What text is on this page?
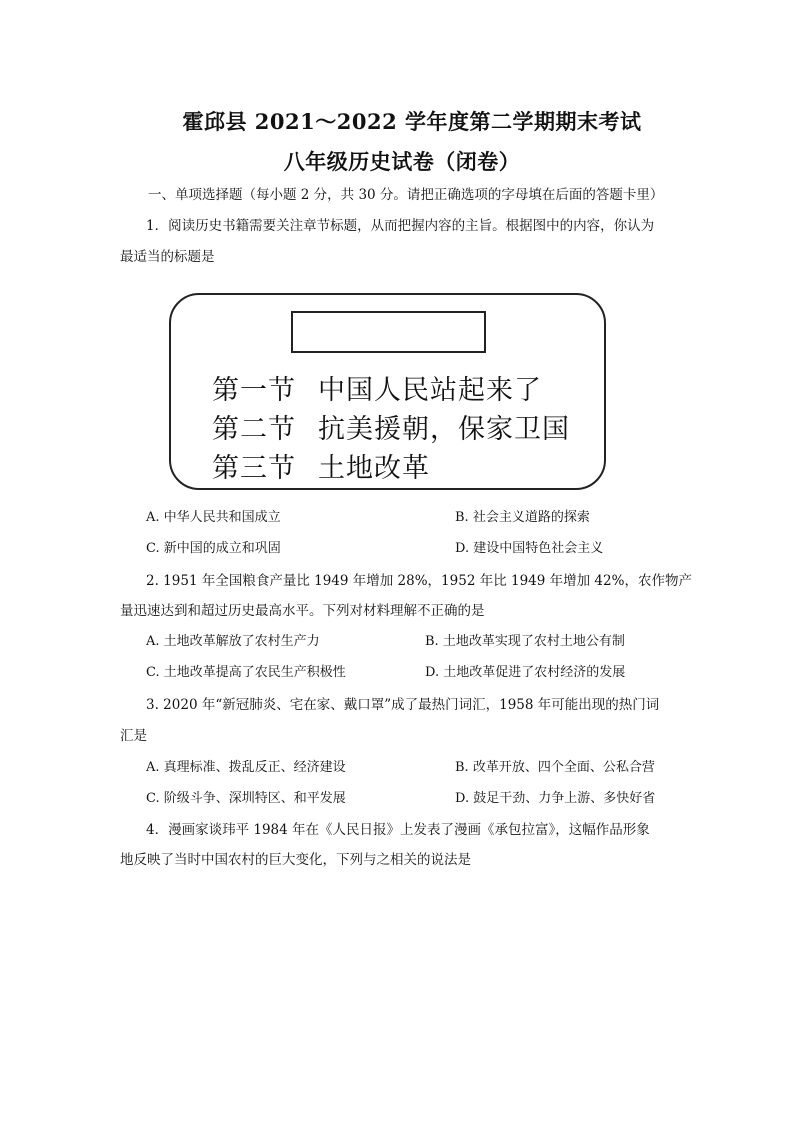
霍邱县 2021～2022 学年度第二学期期末考试
八年级历史试卷（闭卷）
一、单项选择题（每小题 2 分，共 30 分。请把正确选项的字母填在后面的答题卡里）
1．阅读历史书籍需要关注章节标题，从而把握内容的主旨。根据图中的内容，你认为
最适当的标题是
第一节 中国人民站起来了
第二节 抗美援朝，保家卫国
第三节 土地改革
A. 中华人民共和国成立	B. 社会主义道路的探索
C. 新中国的成立和巩固	D. 建设中国特色社会主义
2. 1951 年全国粮食产量比 1949 年增加 28%，1952 年比 1949 年增加 42%，农作物产
量迅速达到和超过历史最高水平。下列对材料理解不正确的是
A. 土地改革解放了农村生产力	B. 土地改革实现了农村土地公有制
C. 土地改革提高了农民生产积极性	D. 土地改革促进了农村经济的发展
3. 2020 年“新冠肺炎、宅在家、戴口罩”成了最热门词汇，1958 年可能出现的热门词
汇是
A. 真理标准、拨乱反正、经济建设	B. 改革开放、四个全面、公私合营
C. 阶级斗争、深圳特区、和平发展	D. 鼓足干劲、力争上游、多快好省
4．漫画家谈玮平 1984 年在《人民日报》上发表了漫画《承包拉富》，这幅作品形象
地反映了当时中国农村的巨大变化，下列与之相关的说法是
